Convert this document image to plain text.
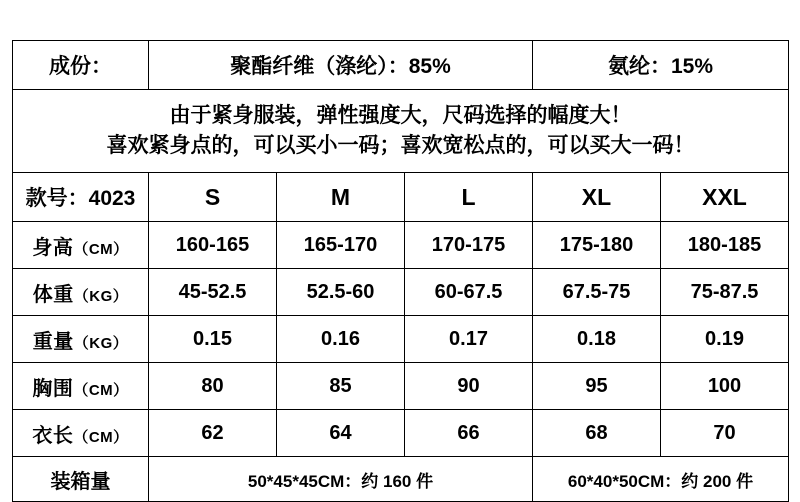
成份：	聚酯纤维（涤纶）：85%			氨纶：15%	

由于紧身服装，弹性强度大，尺码选择的幅度大！
喜欢紧身点的，可以买小一码；喜欢宽松点的，可以买大一码！					

款号：4023	S	M	L	XL	XXL
身高（CM）	160-165	165-170	170-175	175-180	180-185
体重（KG）	45-52.5	52.5-60	60-67.5	67.5-75	75-87.5
重量（KG）	0.15	0.16	0.17	0.18	0.19
胸围（CM）	80	85	90	95	100
衣长（CM）	62	64	66	68	70
装箱量	50*45*45CM：约 160 件			60*40*50CM：约 200 件	
